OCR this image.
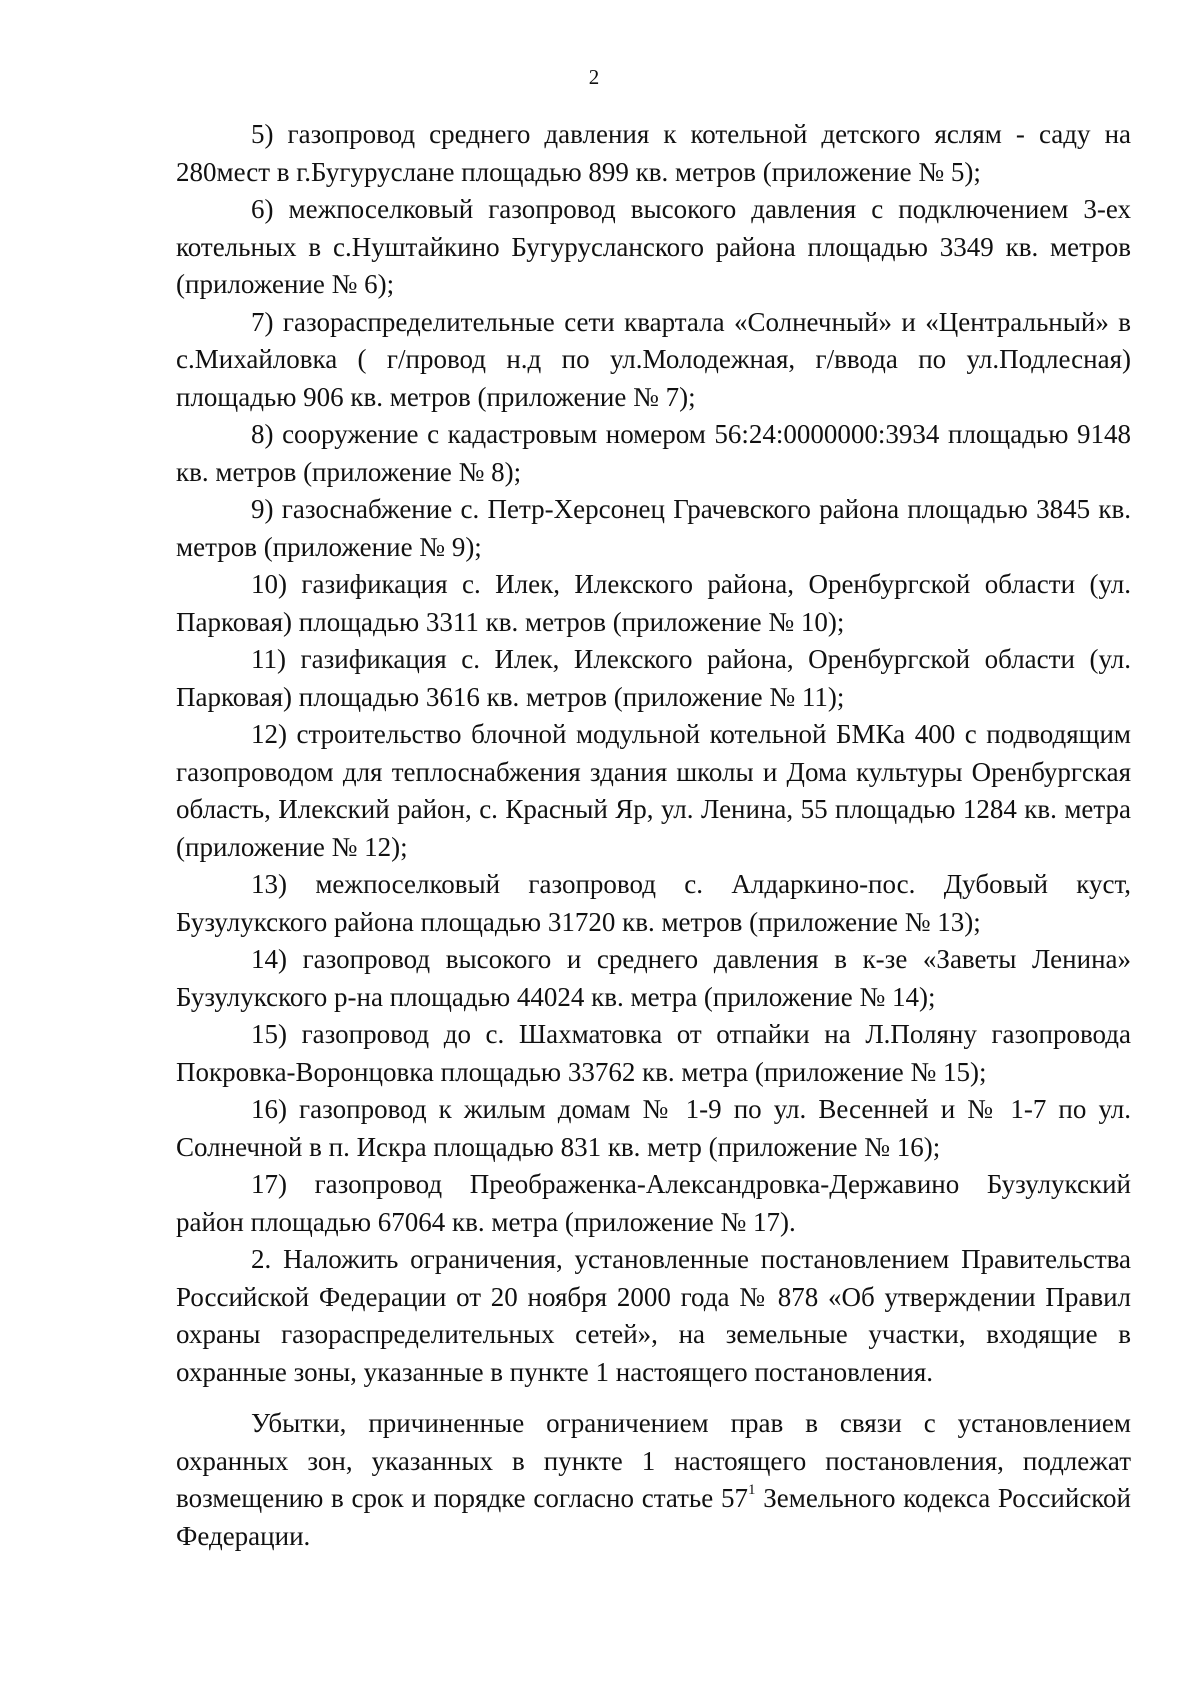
2

5) газопровод среднего давления к котельной детского яслям - саду на 280мест в г.Бугуруслане площадью 899 кв. метров (приложение № 5);

6) межпоселковый газопровод высокого давления с подключением 3-ех котельных в с.Нуштайкино Бугурусланского района площадью 3349 кв. метров (приложение № 6);

7) газораспределительные сети квартала «Солнечный» и «Центральный» в с.Михайловка ( г/провод н.д по ул.Молодежная, г/ввода по ул.Подлесная) площадью 906 кв. метров (приложение № 7);

8) сооружение с кадастровым номером 56:24:0000000:3934 площадью 9148 кв. метров (приложение № 8);

9) газоснабжение с. Петр-Херсонец Грачевского района площадью 3845 кв. метров (приложение № 9);

10) газификация с. Илек, Илекского района, Оренбургской области (ул. Парковая) площадью 3311 кв. метров (приложение № 10);

11) газификация с. Илек, Илекского района, Оренбургской области (ул. Парковая) площадью 3616 кв. метров (приложение № 11);

12) строительство блочной модульной котельной БМКа 400 с подводящим газопроводом для теплоснабжения здания школы и Дома культуры Оренбургская область, Илекский район, с. Красный Яр, ул. Ленина, 55 площадью 1284 кв. метра (приложение № 12);

13) межпоселковый газопровод с. Алдаркино-пос. Дубовый куст, Бузулукского района площадью 31720 кв. метров (приложение № 13);

14) газопровод высокого и среднего давления в к-зе «Заветы Ленина» Бузулукского р-на площадью 44024 кв. метра (приложение № 14);

15) газопровод до с. Шахматовка от отпайки на Л.Поляну газопровода Покровка-Воронцовка площадью 33762 кв. метра (приложение № 15);

16) газопровод к жилым домам № 1-9 по ул. Весенней и № 1-7 по ул. Солнечной в п. Искра площадью 831 кв. метр (приложение № 16);

17) газопровод Преображенка-Александровка-Державино Бузулукский район площадью 67064 кв. метра (приложение № 17).

2. Наложить ограничения, установленные постановлением Правительства Российской Федерации от 20 ноября 2000 года № 878 «Об утверждении Правил охраны газораспределительных сетей», на земельные участки, входящие в охранные зоны, указанные в пункте 1 настоящего постановления.

Убытки, причиненные ограничением прав в связи с установлением охранных зон, указанных в пункте 1 настоящего постановления, подлежат возмещению в срок и порядке согласно статье $57^1$ Земельного кодекса Российской Федерации.
